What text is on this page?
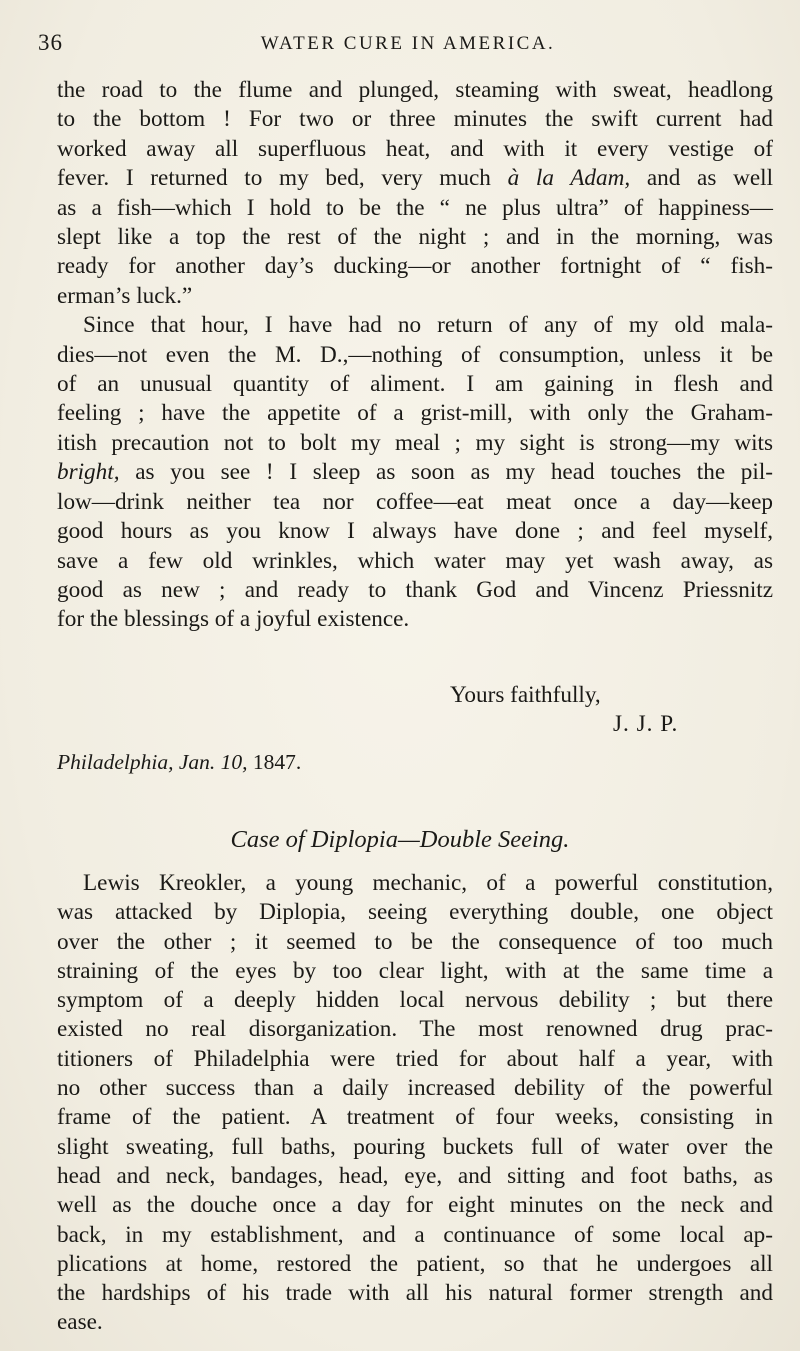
36	WATER CURE IN AMERICA.
the road to the flume and plunged, steaming with sweat, headlong
to the bottom ! For two or three minutes the swift current had
worked away all superfluous heat, and with it every vestige of
fever. I returned to my bed, very much à la Adam, and as well
as a fish—which I hold to be the “ ne plus ultra” of happiness—
slept like a top the rest of the night ; and in the morning, was
ready for another day’s ducking—or another fortnight of “ fish-
erman’s luck.”
Since that hour, I have had no return of any of my old mala-
dies—not even the M. D.,—nothing of consumption, unless it be
of an unusual quantity of aliment. I am gaining in flesh and
feeling ; have the appetite of a grist-mill, with only the Graham-
itish precaution not to bolt my meal ; my sight is strong—my wits
bright, as you see ! I sleep as soon as my head touches the pil-
low—drink neither tea nor coffee—eat meat once a day—keep
good hours as you know I always have done ; and feel myself,
save a few old wrinkles, which water may yet wash away, as
good as new ; and ready to thank God and Vincenz Priessnitz
for the blessings of a joyful existence.
Yours faithfully,
J. J. P.
Philadelphia, Jan. 10, 1847.
Case of Diplopia—Double Seeing.
Lewis Kreokler, a young mechanic, of a powerful constitution,
was attacked by Diplopia, seeing everything double, one object
over the other ; it seemed to be the consequence of too much
straining of the eyes by too clear light, with at the same time a
symptom of a deeply hidden local nervous debility ; but there
existed no real disorganization. The most renowned drug prac-
titioners of Philadelphia were tried for about half a year, with
no other success than a daily increased debility of the powerful
frame of the patient. A treatment of four weeks, consisting in
slight sweating, full baths, pouring buckets full of water over the
head and neck, bandages, head, eye, and sitting and foot baths, as
well as the douche once a day for eight minutes on the neck and
back, in my establishment, and a continuance of some local ap-
plications at home, restored the patient, so that he undergoes all
the hardships of his trade with all his natural former strength and
ease.
